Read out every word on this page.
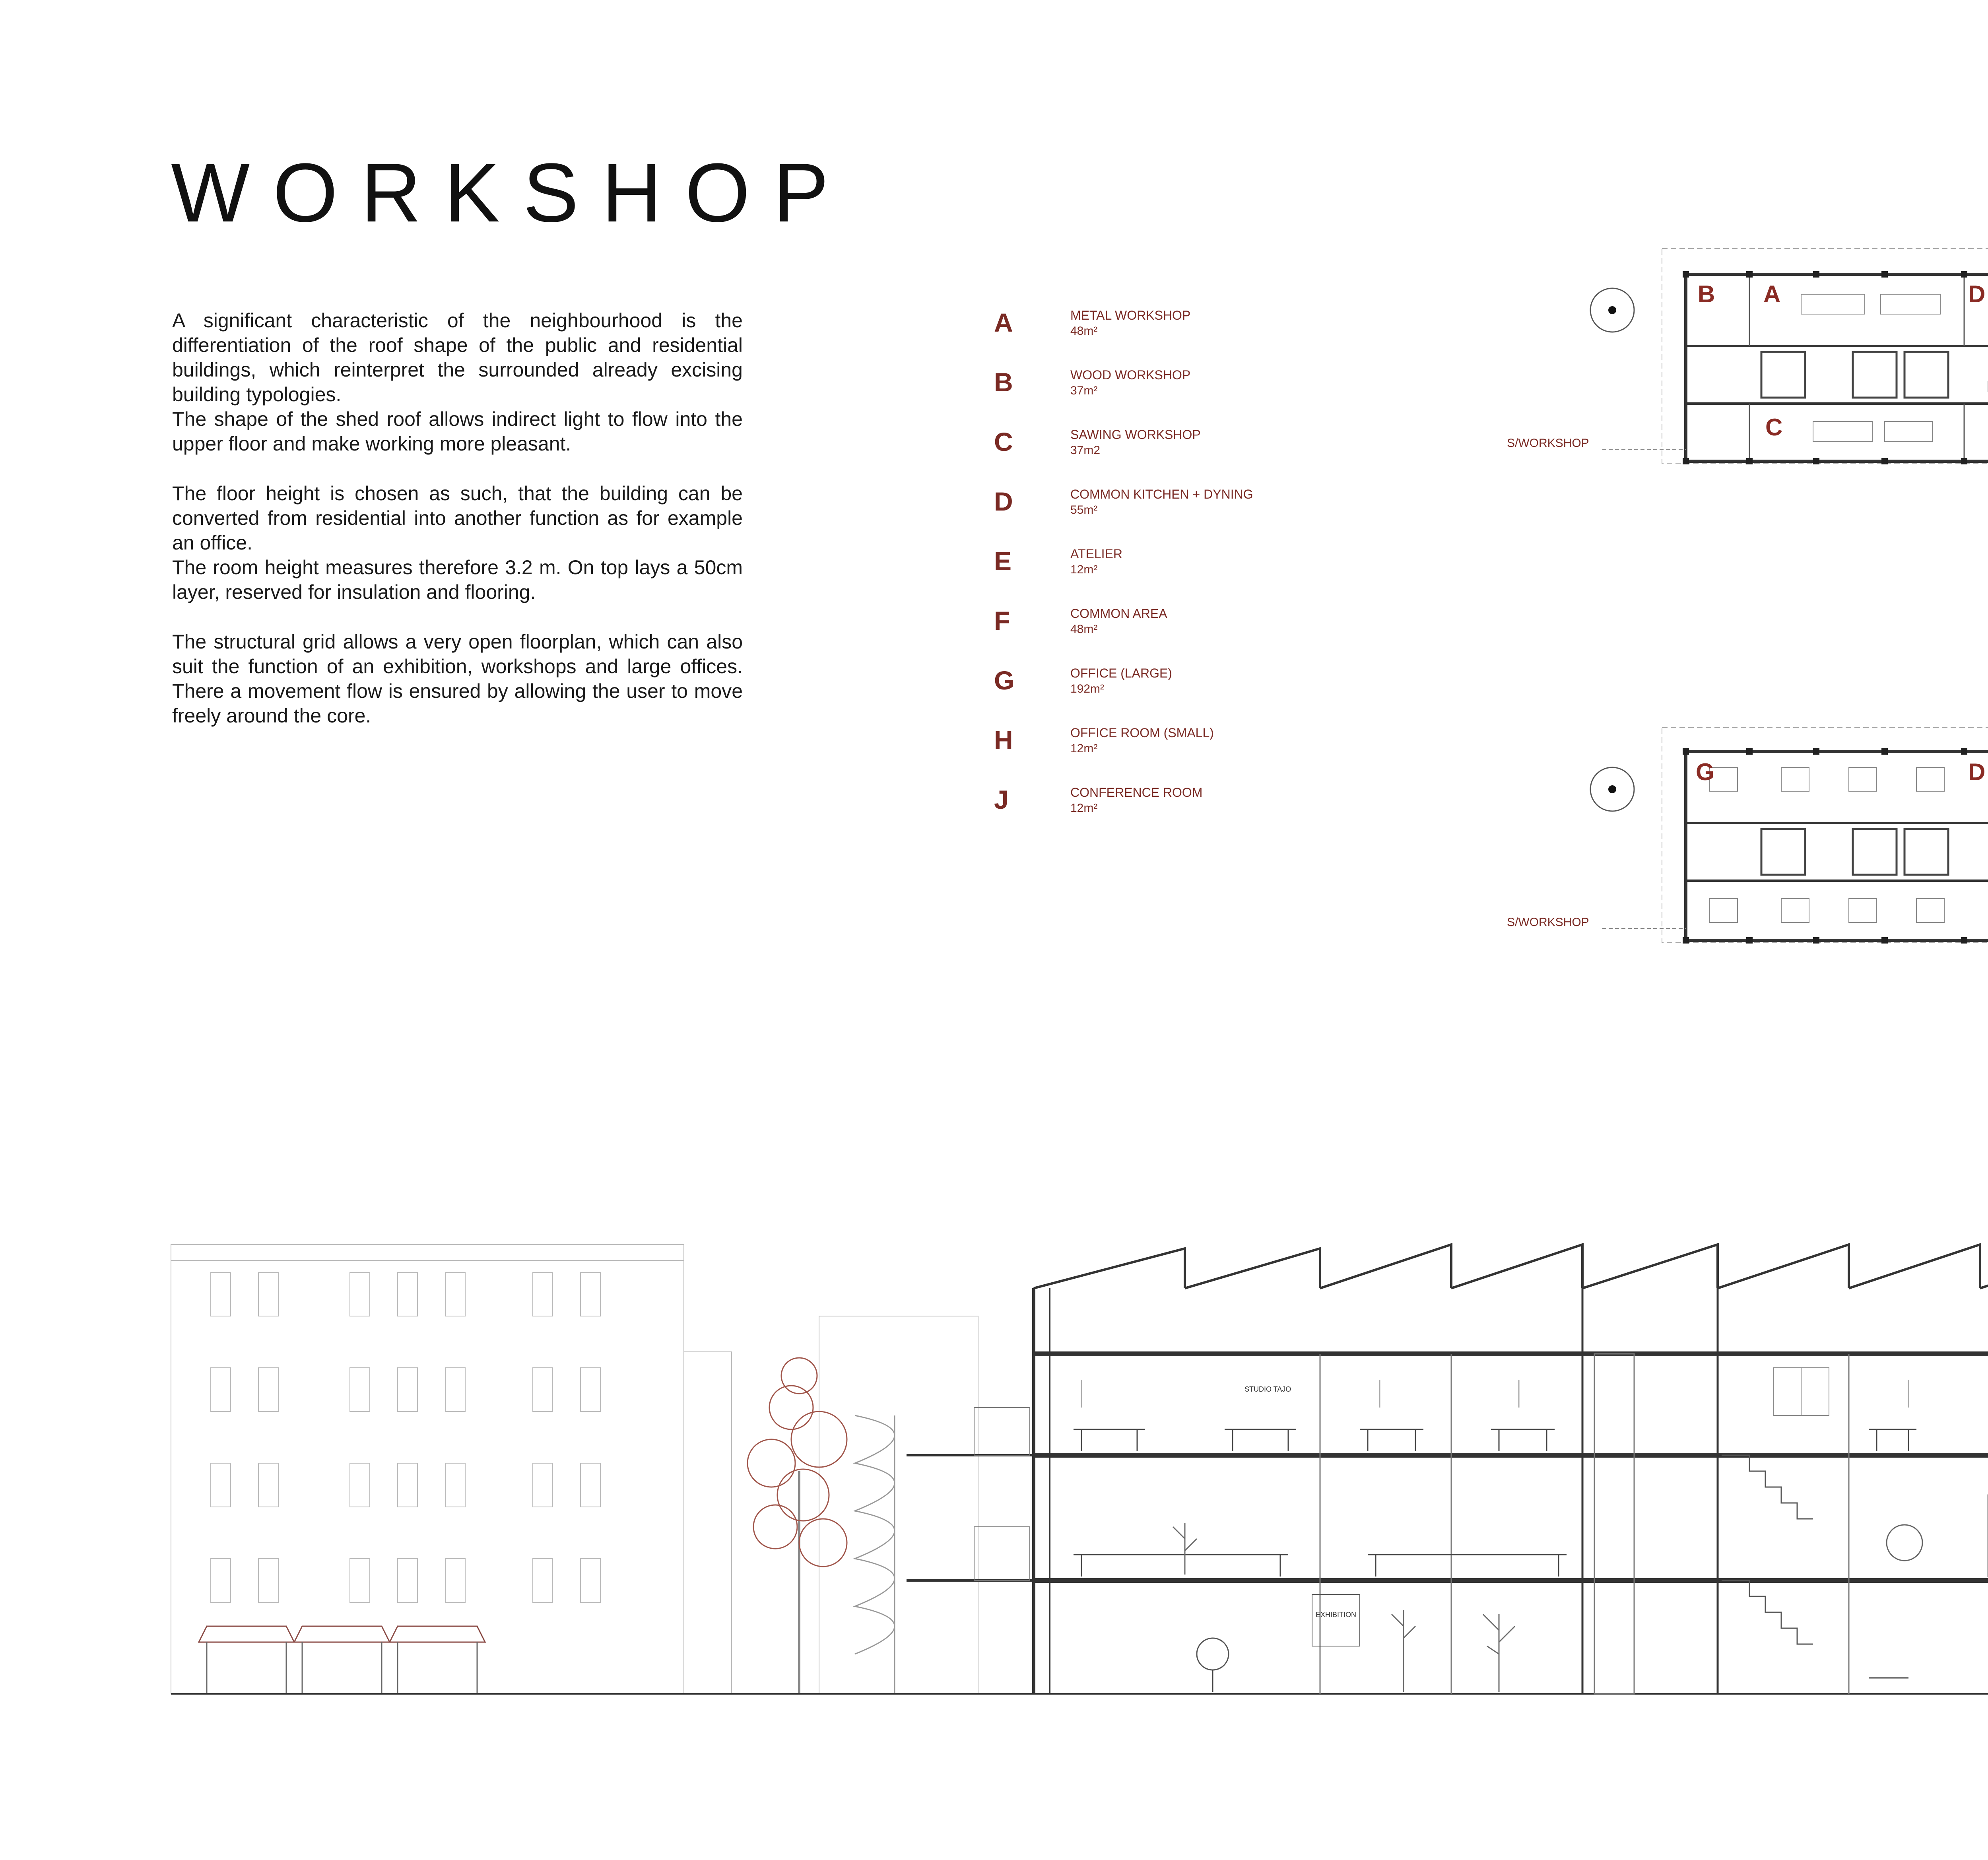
WORKSHOP

A significant characteristic of the neighbourhood is the differentiation of the roof shape of the public and residential buildings, which reinterpret the surrounded already excising building typologies.

The shape of the shed roof allows indirect light to flow into the upper floor and make working more pleasant.

The floor height is chosen as such, that the building can be converted from residential into another function as for example an office.

The room height measures therefore 3.2 m. On top lays a 50cm layer, reserved for insulation and flooring.

The structural grid allows a very open floorplan, which can also suit the function of an exhibition, workshops and large offices. There a movement flow is ensured by allowing the user to move freely around the core.

A	METAL WORKSHOP
48m²
B	WOOD WORKSHOP
37m²
C	SAWING WORKSHOP
37m2
D	COMMON KITCHEN + DYNING
55m²
E	ATELIER
12m²
F	COMMON AREA
48m²
G	OFFICE (LARGE)
192m²
H	OFFICE ROOM (SMALL)
12m²
J	CONFERENCE ROOM
12m²
B A	D
C
S/WORKSHOP
G	D
S/WORKSHOP
STUDIO TAJO
EXHIBITION
